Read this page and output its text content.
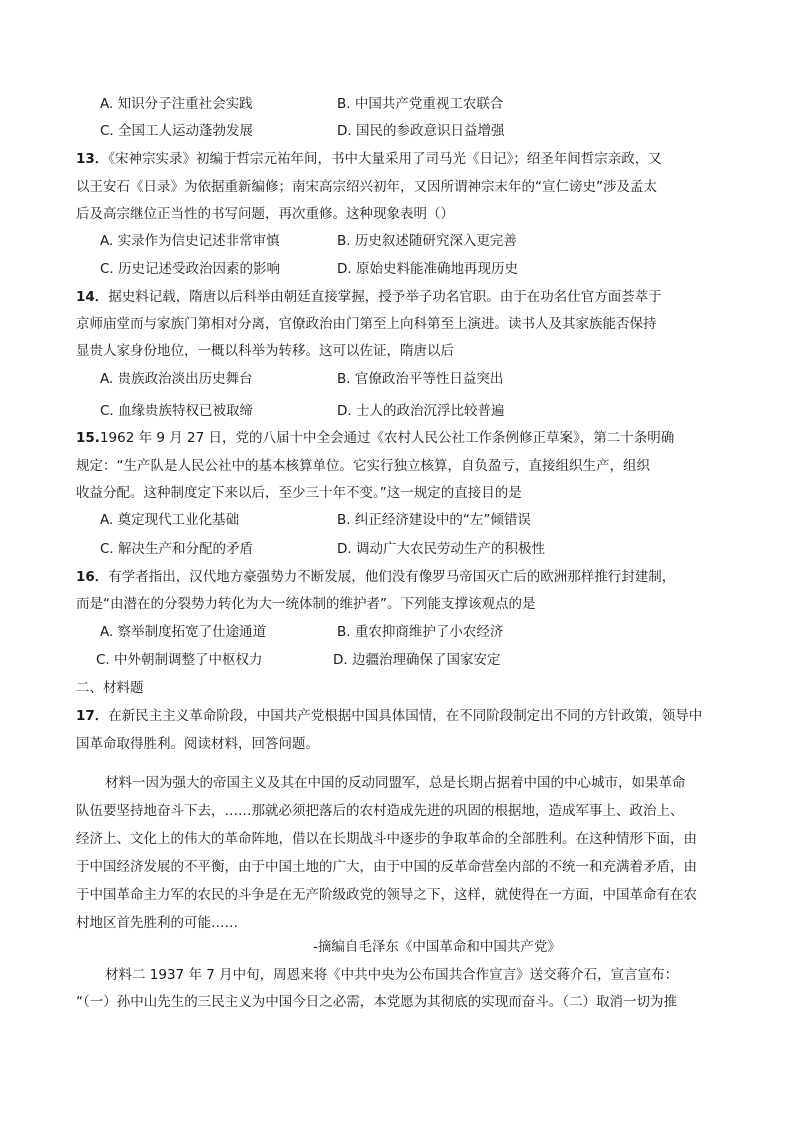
A. 知识分子注重社会实践	B. 中国共产党重视工农联合
C. 全国工人运动蓬勃发展	D. 国民的参政意识日益增强
13．《宋神宗实录》初编于哲宗元祐年间，书中大量采用了司马光《日记》；绍圣年间哲宗亲政，又
以王安石《日录》为依据重新编修；南宋高宗绍兴初年，又因所谓神宗末年的“宣仁谤史”涉及孟太
后及高宗继位正当性的书写问题，再次重修。这种现象表明（）
A. 实录作为信史记述非常审慎	B. 历史叙述随研究深入更完善
C. 历史记述受政治因素的影响	D. 原始史料能准确地再现历史
14．据史料记载，隋唐以后科举由朝廷直接掌握，授予举子功名官职。由于在功名仕官方面荟萃于
京师庙堂而与家族门第相对分离，官僚政治由门第至上向科第至上演进。读书人及其家族能否保持
显贵人家身份地位，一概以科举为转移。这可以佐证，隋唐以后
A. 贵族政治淡出历史舞台	B. 官僚政治平等性日益突出
C. 血缘贵族特权已被取缔	D. 士人的政治沉浮比较普遍
15.1962 年 9 月 27 日，党的八届十中全会通过《农村人民公社工作条例修正草案》，第二十条明确
规定：“生产队是人民公社中的基本核算单位。它实行独立核算，自负盈亏，直接组织生产，组织
收益分配。这种制度定下来以后，至少三十年不变。”这一规定的直接目的是
A. 奠定现代工业化基础	B. 纠正经济建设中的“左”倾错误
C. 解决生产和分配的矛盾	D. 调动广大农民劳动生产的积极性
16．有学者指出，汉代地方豪强势力不断发展，他们没有像罗马帝国灭亡后的欧洲那样推行封建制，
而是“由潜在的分裂势力转化为大一统体制的维护者”。下列能支撑该观点的是
A. 察举制度拓宽了仕途通道	B. 重农抑商维护了小农经济
C. 中外朝制调整了中枢权力	D. 边疆治理确保了国家安定
二、材料题
17．在新民主主义革命阶段，中国共产党根据中国具体国情，在不同阶段制定出不同的方针政策，领导中
国革命取得胜利。阅读材料，回答问题。
材料一因为强大的帝国主义及其在中国的反动同盟军，总是长期占据着中国的中心城市，如果革命
队伍要坚持地奋斗下去，……那就必须把落后的农村造成先进的巩固的根据地，造成军事上、政治上、
经济上、文化上的伟大的革命阵地，借以在长期战斗中逐步的争取革命的全部胜利。在这种情形下面，由
于中国经济发展的不平衡，由于中国土地的广大，由于中国的反革命营垒内部的不统一和充满着矛盾，由
于中国革命主力军的农民的斗争是在无产阶级政党的领导之下，这样，就使得在一方面，中国革命有在农
村地区首先胜利的可能……
-摘编自毛泽东《中国革命和中国共产党》
材料二 1937 年 7 月中旬，周恩来将《中共中央为公布国共合作宣言》送交蒋介石，宣言宣布：
“（一）孙中山先生的三民主义为中国今日之必需，本党愿为其彻底的实现而奋斗。（二）取消一切为推
